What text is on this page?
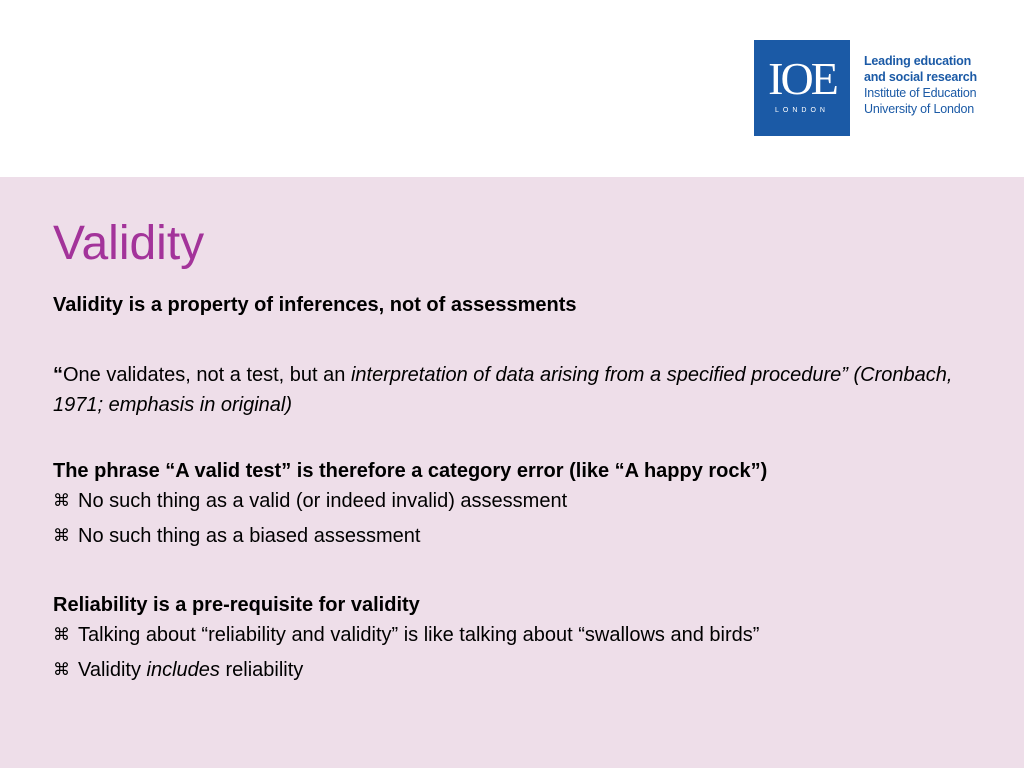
IOE
LONDON
Leading education
and social research
Institute of Education
University of London
Validity

Validity is a property of inferences, not of assessments

“One validates, not a test, but an interpretation of data arising from a specified procedure” (Cronbach, 1971; emphasis in original)

The phrase “A valid test” is therefore a category error (like “A happy rock”)

⌘ No such thing as a valid (or indeed invalid) assessment
⌘ No such thing as a biased assessment

Reliability is a pre-requisite for validity

⌘ Talking about “reliability and validity” is like talking about “swallows and birds”
⌘ Validity includes reliability
